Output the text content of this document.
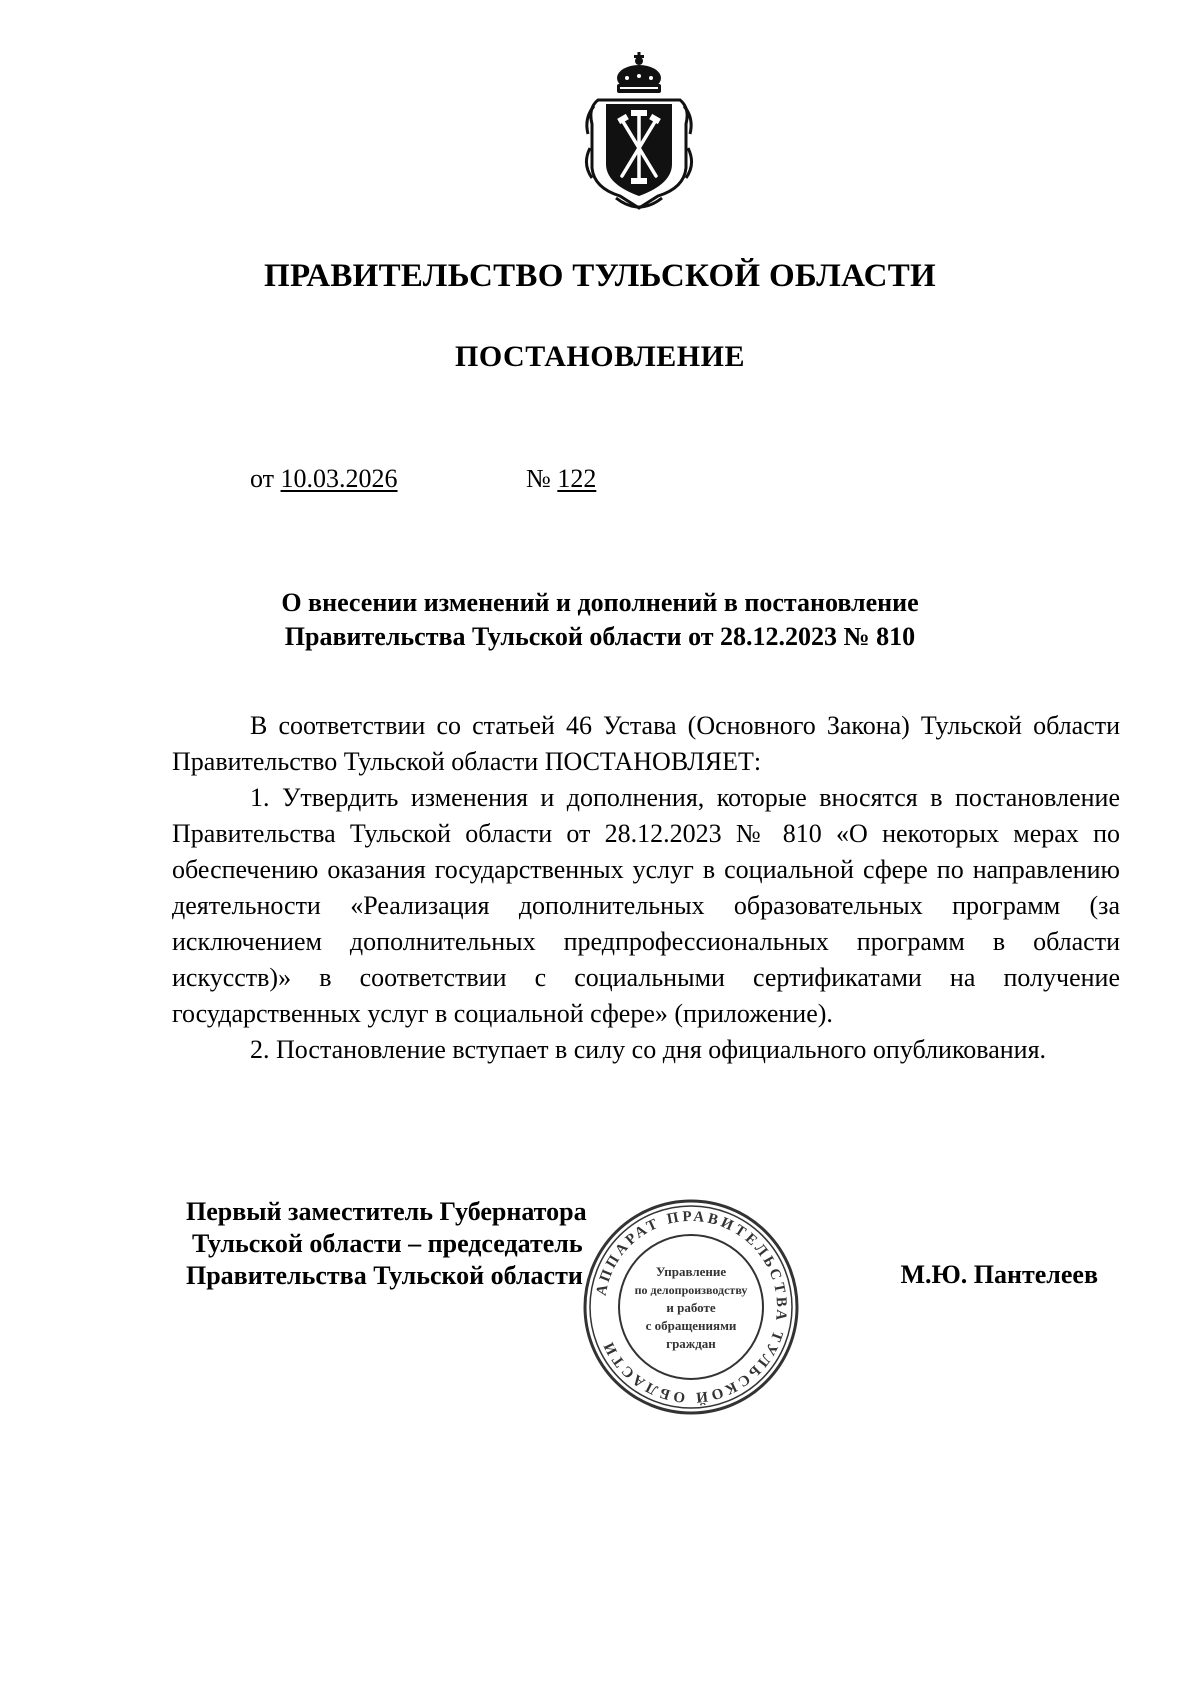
ПРАВИТЕЛЬСТВО ТУЛЬСКОЙ ОБЛАСТИ
ПОСТАНОВЛЕНИЕ
от 10.03.2026	№ 122
О внесении изменений и дополнений в постановление
Правительства Тульской области от 28.12.2023 № 810

В соответствии со статьей 46 Устава (Основного Закона) Тульской области Правительство Тульской области ПОСТАНОВЛЯЕТ:

1. Утвердить изменения и дополнения, которые вносятся в постановление Правительства Тульской области от 28.12.2023 № 810 «О некоторых мерах по обеспечению оказания государственных услуг в социальной сфере по направлению деятельности «Реализация дополнительных образовательных программ (за исключением дополнительных предпрофессиональных программ в области искусств)» в соответствии с социальными сертификатами на получение государственных услуг в социальной сфере» (приложение).

2. Постановление вступает в силу со дня официального опубликования.

Первый заместитель Губернатора
Тульской области – председатель
Правительства Тульской области	М.Ю. Пантелеев
АППАРАТ ПРАВИТЕЛЬСТВА ТУЛЬСКОЙ ОБЛАСТИ
Управление
по делопроизводству
и работе
с обращениями
граждан
